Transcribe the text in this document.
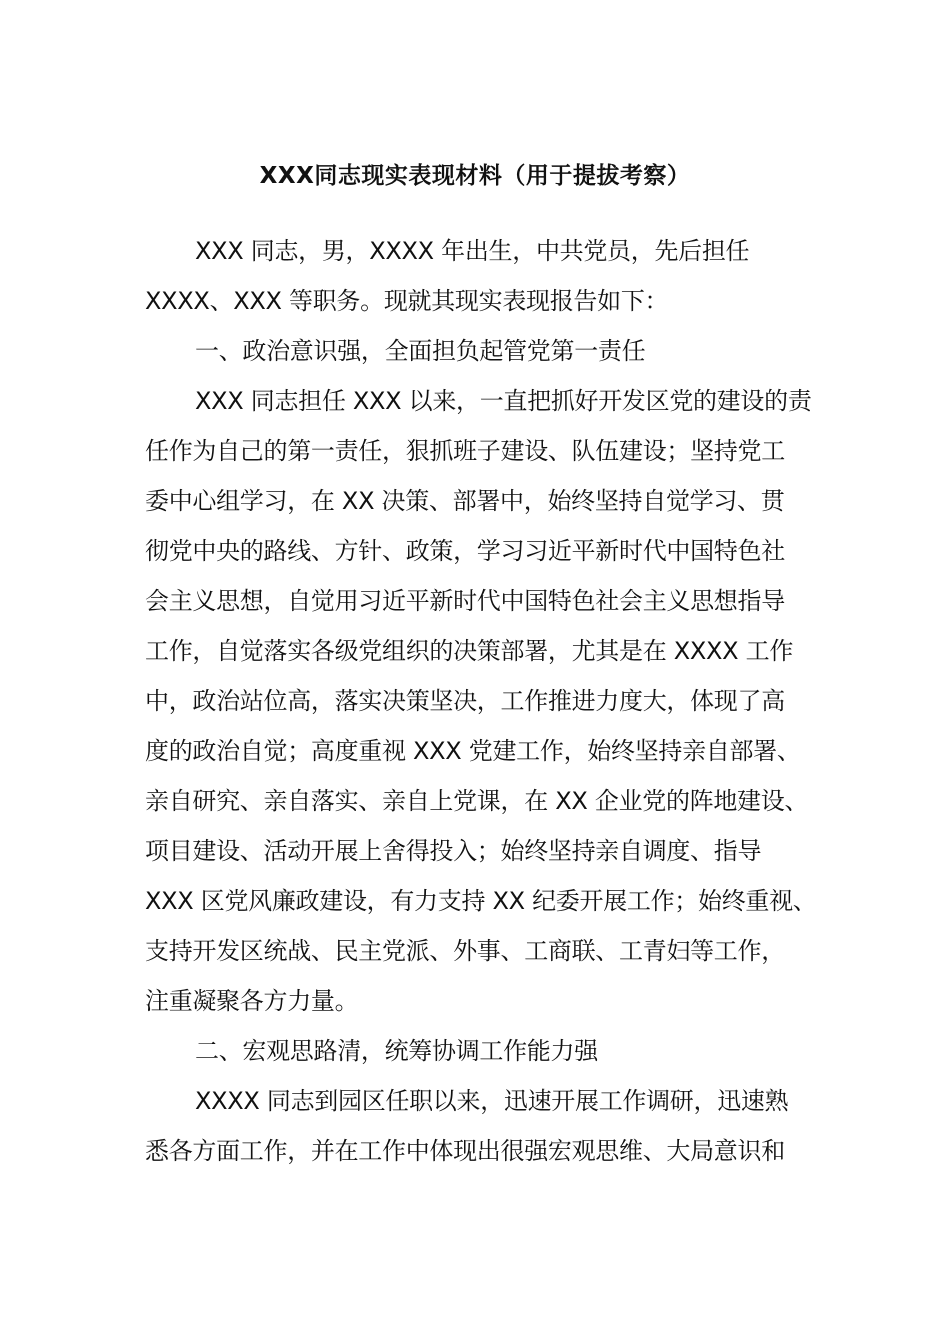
XXX同志现实表现材料（用于提拔考察）
XXX 同志，男，XXXX 年出生，中共党员，先后担任
XXXX、XXX 等职务。现就其现实表现报告如下：
一、政治意识强，全面担负起管党第一责任
XXX 同志担任 XXX 以来，一直把抓好开发区党的建设的责
任作为自己的第一责任，狠抓班子建设、队伍建设；坚持党工
委中心组学习，在 XX 决策、部署中，始终坚持自觉学习、贯
彻党中央的路线、方针、政策，学习习近平新时代中国特色社
会主义思想，自觉用习近平新时代中国特色社会主义思想指导
工作，自觉落实各级党组织的决策部署，尤其是在 XXXX 工作
中，政治站位高，落实决策坚决，工作推进力度大，体现了高
度的政治自觉；高度重视 XXX 党建工作，始终坚持亲自部署、
亲自研究、亲自落实、亲自上党课，在 XX 企业党的阵地建设、
项目建设、活动开展上舍得投入；始终坚持亲自调度、指导
XXX 区党风廉政建设，有力支持 XX 纪委开展工作；始终重视、
支持开发区统战、民主党派、外事、工商联、工青妇等工作，
注重凝聚各方力量。
二、宏观思路清，统筹协调工作能力强
XXXX 同志到园区任职以来，迅速开展工作调研，迅速熟
悉各方面工作，并在工作中体现出很强宏观思维、大局意识和
